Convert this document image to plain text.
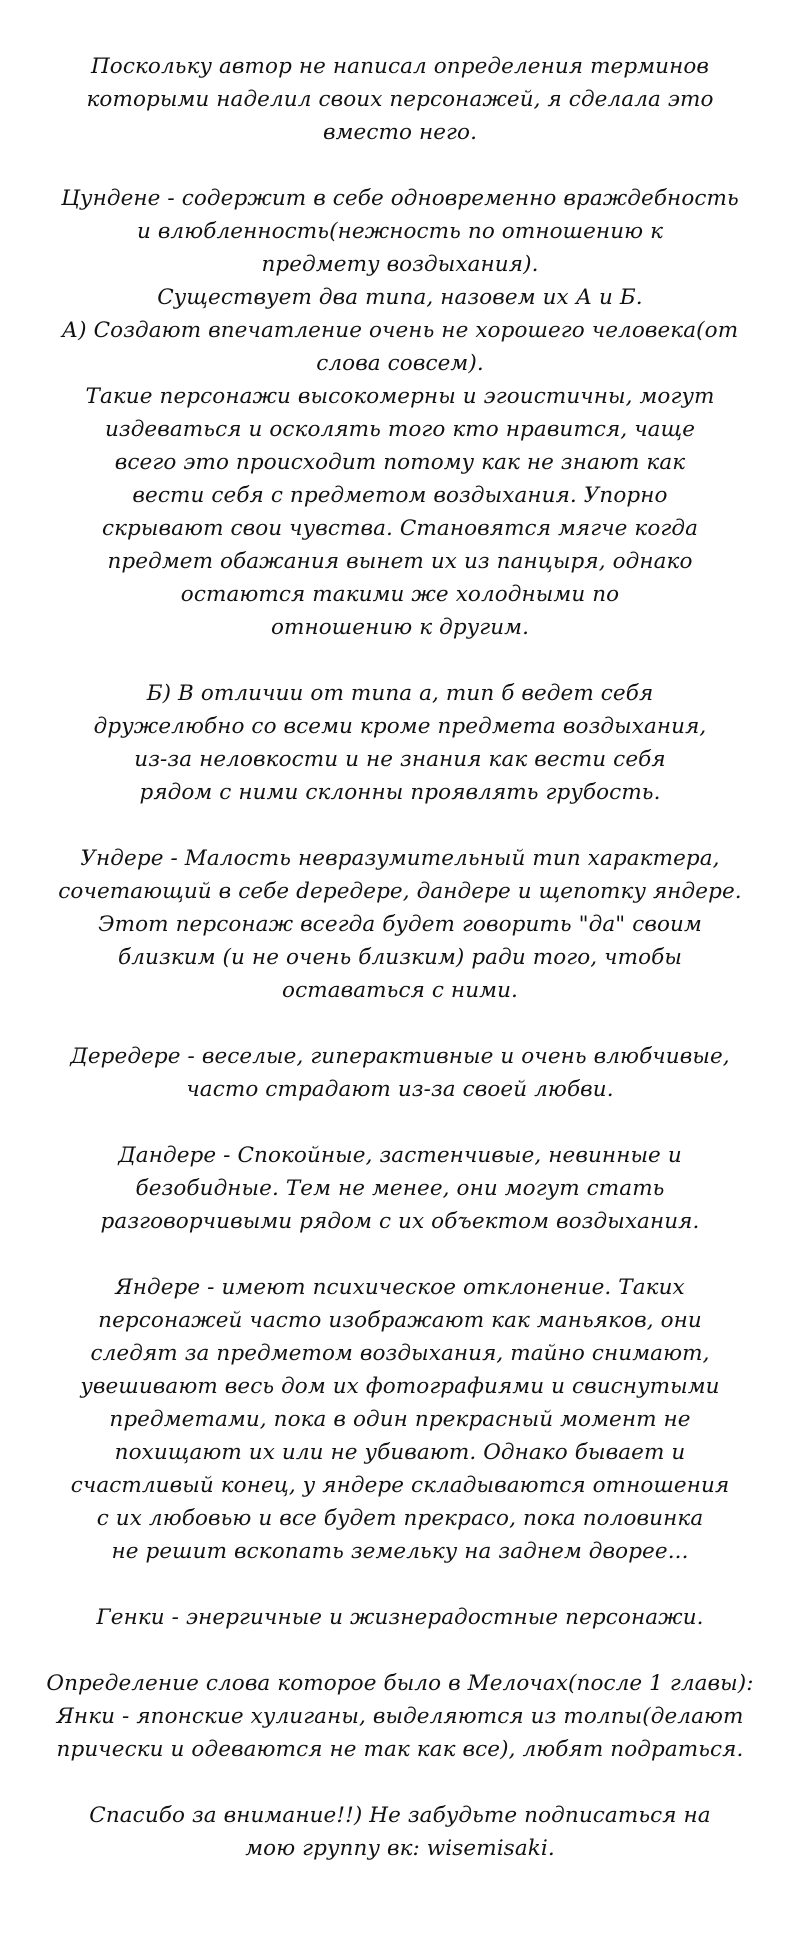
Поскольку автор не написал определения терминов
которыми наделил своих персонажей, я сделала это
вместо него.
Цундене - содержит в себе одновременно враждебность
и влюбленность(нежность по отношению к
предмету воздыхания).
Существует два типа, назовем их А и Б.
А) Создают впечатление очень не хорошего человека(от
слова совсем).
Такие персонажи высокомерны и эгоистичны, могут
издеваться и осколять того кто нравится, чаще
всего это происходит потому как не знают как
вести себя с предметом воздыхания. Упорно
скрывают свои чувства. Становятся мягче когда
предмет обажания вынет их из панцыря, однако
остаются такими же холодными по
отношению к другим.
Б) В отличии от типа а, тип б ведет себя
дружелюбно со всеми кроме предмета воздыхания,
из-за неловкости и не знания как вести себя
рядом с ними склонны проявлять грубость.
Ундере - Малость невразумительный тип характера,
сочетающий в себе deредере, дандере и щепотку яндере.
Этот персонаж всегда будет говорить "да" своим
близким (и не очень близким) ради того, чтобы
оставаться с ними.
Дередере - веселые, гиперактивные и очень влюбчивые,
часто страдают из-за своей любви.
Дандере - Спокойные, застенчивые, невинные и
безобидные. Тем не менее, они могут стать
разговорчивыми рядом с их объектом воздыхания.
Яндере - имеют психическое отклонение. Таких
персонажей часто изображают как маньяков, они
следят за предметом воздыхания, тайно снимают,
увешивают весь дом их фотографиями и свиснутыми
предметами, пока в один прекрасный момент не
похищают их или не убивают. Однако бывает и
счастливый конец, у яндере складываются отношения
с их любовью и все будет прекрасо, пока половинка
не решит вскопать земельку на заднем дворее...
Генки - энергичные и жизнерадостные персонажи.
Определение слова которое было в Мелочах(после 1 главы):
Янки - японские хулиганы, выделяются из толпы(делают
прически и одеваются не так как все), любят подраться.
Спасибо за внимание!!) Не забудьте подписаться на
мою группу вк: wisemisaki.
